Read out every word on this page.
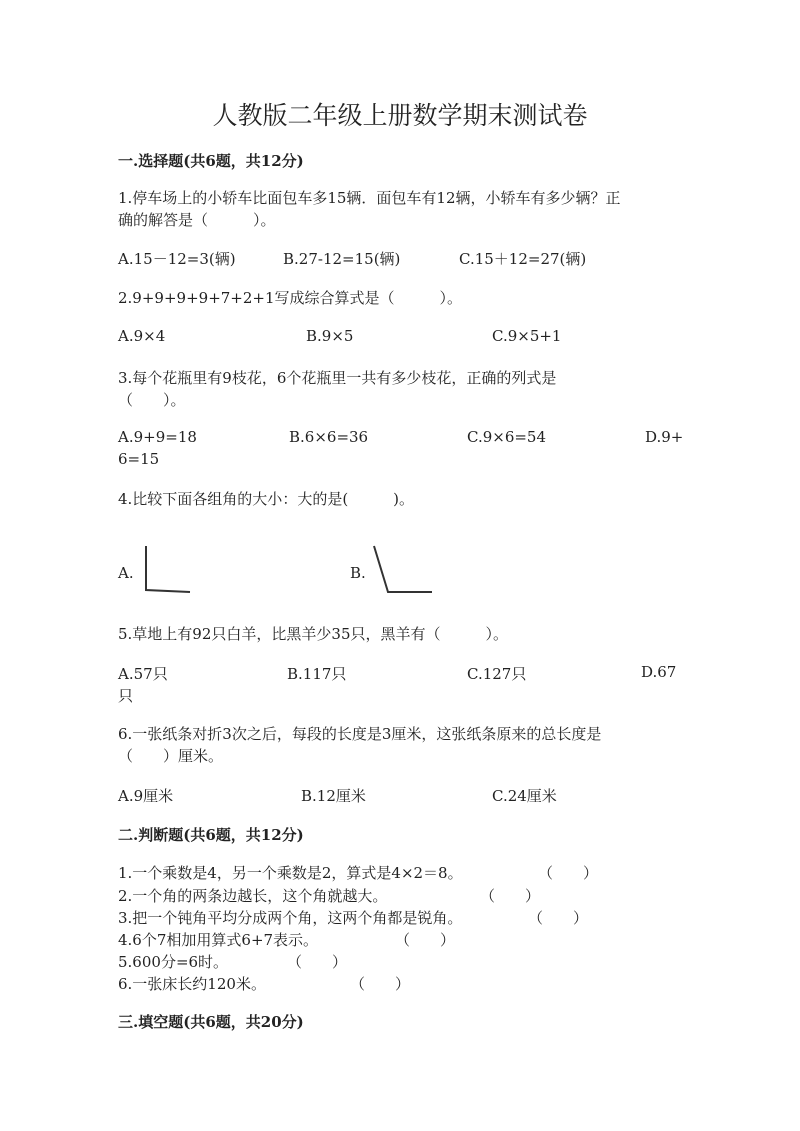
人教版二年级上册数学期末测试卷
一.选择题(共6题，共12分)
1.停车场上的小轿车比面包车多15辆．面包车有12辆，小轿车有多少辆？正
确的解答是（　　　）。
A.15－12=3(辆)	B.27-12=15(辆)	C.15＋12=27(辆)
2.9+9+9+9+7+2+1写成综合算式是（　　　）。
A.9×4	B.9×5	C.9×5+1
3.每个花瓶里有9枝花，6个花瓶里一共有多少枝花，正确的列式是
（　　）。
A.9+9=18	B.6×6=36	C.9×6=54	D.9+
6=15
4.比较下面各组角的大小：大的是(　　　)。
A.	B.
5.草地上有92只白羊，比黑羊少35只，黑羊有（　　　）。
A.57只	B.117只	C.127只	D.67
只
6.一张纸条对折3次之后，每段的长度是3厘米，这张纸条原来的总长度是
（　　）厘米。
A.9厘米	B.12厘米	C.24厘米
二.判断题(共6题，共12分)
1.一个乘数是4，另一个乘数是2，算式是4×2＝8。	（　　）
2.一个角的两条边越长，这个角就越大。	（　　）
3.把一个钝角平均分成两个角，这两个角都是锐角。	（　　）
4.6个7相加用算式6+7表示。	（　　）
5.600分=6时。	（　　）
6.一张床长约120米。	（　　）
三.填空题(共6题，共20分)
